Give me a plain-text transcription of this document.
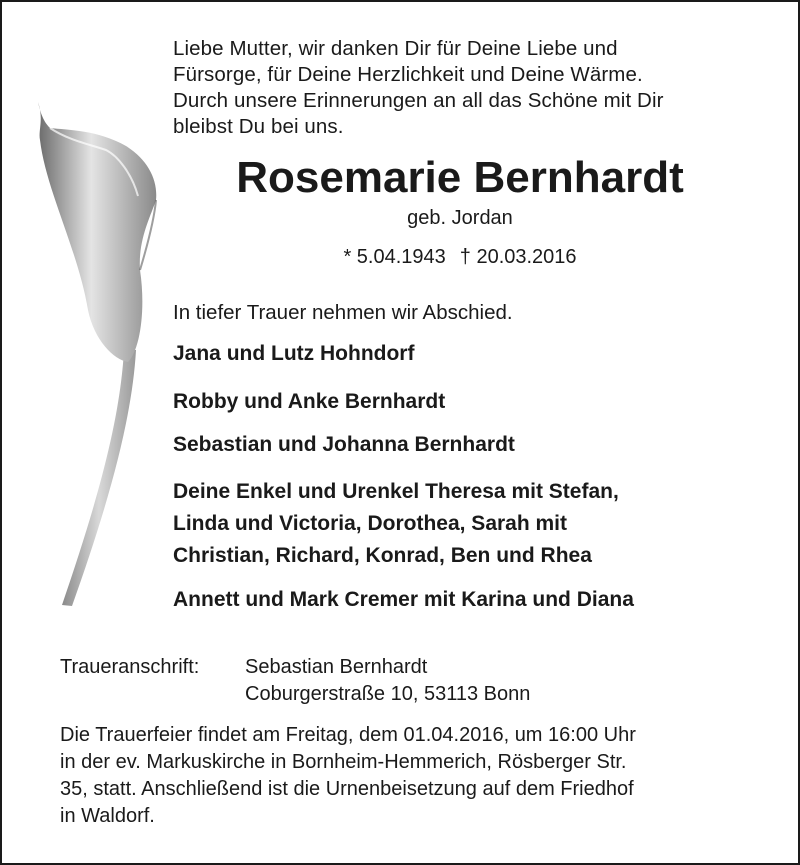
Liebe Mutter, wir danken Dir für Deine Liebe und
Fürsorge, für Deine Herzlichkeit und Deine Wärme.
Durch unsere Erinnerungen an all das Schöne mit Dir
bleibst Du bei uns.
Rosemarie Bernhardt
geb. Jordan
* 5.04.1943 † 20.03.2016
In tiefer Trauer nehmen wir Abschied.
Jana und Lutz Hohndorf
Robby und Anke Bernhardt
Sebastian und Johanna Bernhardt
Deine Enkel und Urenkel Theresa mit Stefan,
Linda und Victoria, Dorothea, Sarah mit
Christian, Richard, Konrad, Ben und Rhea
Annett und Mark Cremer mit Karina und Diana
Traueranschrift: Sebastian Bernhardt
Coburgerstraße 10, 53113 Bonn
Die Trauerfeier findet am Freitag, dem 01.04.2016, um 16:00 Uhr
in der ev. Markuskirche in Bornheim-Hemmerich, Rösberger Str.
35, statt. Anschließend ist die Urnenbeisetzung auf dem Friedhof
in Waldorf.
